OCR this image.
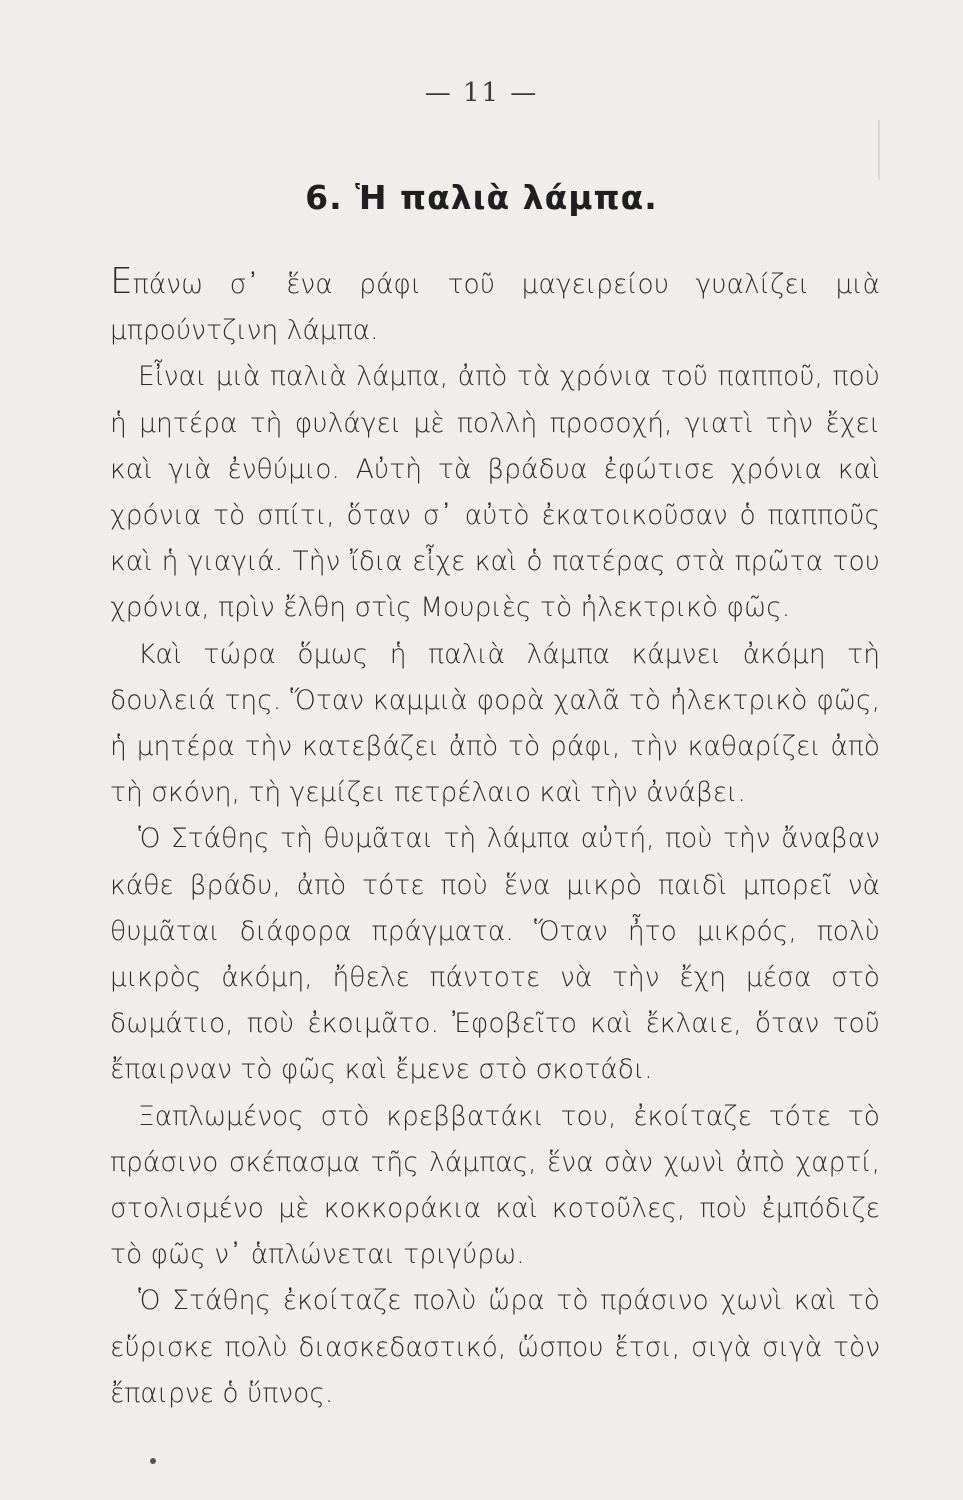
— 11 —
6. Ἡ παλιὰ λάμπα.

Επάνω σ᾽ ἕνα ράφι τοῦ μαγειρείου γυαλίζει μιὰ μπρούντζινη λάμπα.

Εἶναι μιὰ παλιὰ λάμπα, ἀπὸ τὰ χρόνια τοῦ παπποῦ, ποὺ ἡ μητέρα τὴ φυλάγει μὲ πολλὴ προσοχή, γιατὶ τὴν ἔχει καὶ γιὰ ἐνθύμιο. Αὐτὴ τὰ βράδυα ἐφώτισε χρόνια καὶ χρόνια τὸ σπίτι, ὅταν σ᾽ αὐτὸ ἐκατοικοῦσαν ὁ παπποῦς καὶ ἡ γιαγιά. Τὴν ἴδια εἶχε καὶ ὁ πατέρας στὰ πρῶτα του χρόνια, πρὶν ἔλθη στὶς Μουριὲς τὸ ἠλεκτρικὸ φῶς.

Καὶ τώρα ὅμως ἡ παλιὰ λάμπα κάμνει ἀκόμη τὴ δουλειά της. Ὅταν καμμιὰ φορὰ χαλᾶ τὸ ἠλεκτρικὸ φῶς, ἡ μητέρα τὴν κατεβάζει ἀπὸ τὸ ράφι, τὴν καθαρίζει ἀπὸ τὴ σκόνη, τὴ γεμίζει πετρέλαιο καὶ τὴν ἀνάβει.

Ὁ Στάθης τὴ θυμᾶται τὴ λάμπα αὐτή, ποὺ τὴν ἄναβαν κάθε βράδυ, ἀπὸ τότε ποὺ ἕνα μικρὸ παιδὶ μπορεῖ νὰ θυμᾶται διάφορα πράγματα. Ὅταν ἦτο μικρός, πολὺ μικρὸς ἀκόμη, ἤθελε πάντοτε νὰ τὴν ἔχη μέσα στὸ δωμάτιο, ποὺ ἐκοιμᾶτο. Ἐφοβεῖτο καὶ ἔκλαιε, ὅταν τοῦ ἔπαιρναν τὸ φῶς καὶ ἔμενε στὸ σκοτάδι.

Ξαπλωμένος στὸ κρεββατάκι του, ἐκοίταζε τότε τὸ πράσινο σκέπασμα τῆς λάμπας, ἕνα σὰν χωνὶ ἀπὸ χαρτί, στολισμένο μὲ κοκκοράκια καὶ κοτοῦλες, ποὺ ἐμπόδιζε τὸ φῶς ν᾽ ἁπλώνεται τριγύρω.

Ὁ Στάθης ἐκοίταζε πολὺ ὥρα τὸ πράσινο χωνὶ καὶ τὸ εὕρισκε πολὺ διασκεδαστικό, ὥσπου ἔτσι, σιγὰ σιγὰ τὸν ἔπαιρνε ὁ ὕπνος.
